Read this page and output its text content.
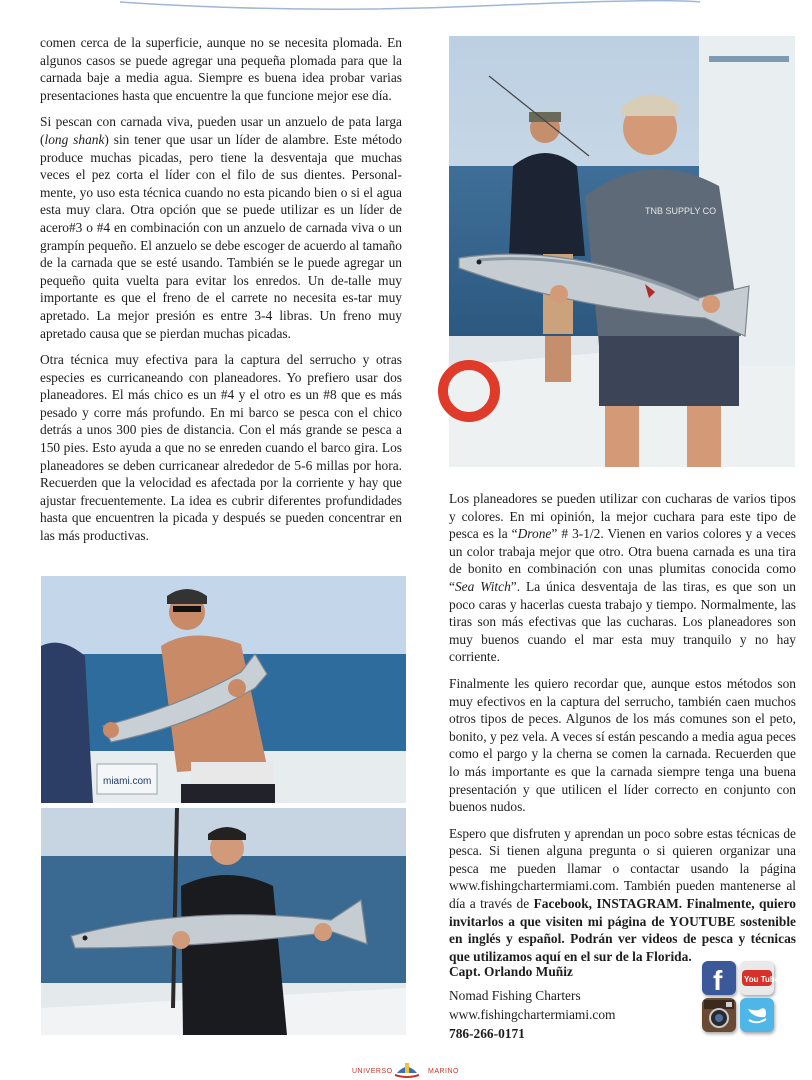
comen cerca de la superficie, aunque no se necesita plomada. En algunos casos se puede agregar una pequeña plomada para que la carnada baje a media agua. Siempre es buena idea probar varias presentaciones hasta que encuentre la que funcione mejor ese día.

Si pescan con carnada viva, pueden usar un anzuelo de pata larga (long shank) sin tener que usar un líder de alambre. Este método produce muchas picadas, pero tiene la desventaja que muchas veces el pez corta el líder con el filo de sus dientes. Personal-mente, yo uso esta técnica cuando no esta picando bien o si el agua esta muy clara. Otra opción que se puede utilizar es un líder de acero#3 o #4 en combinación con un anzuelo de carnada viva o un grampín pequeño. El anzuelo se debe escoger de acuerdo al tamaño de la carnada que se esté usando. También se le puede agregar un pequeño quita vuelta para evitar los enredos. Un de-talle muy importante es que el freno de el carrete no necesita es-tar muy apretado. La mejor presión es entre 3-4 libras. Un freno muy apretado causa que se pierdan muchas picadas.

Otra técnica muy efectiva para la captura del serrucho y otras especies es curricaneando con planeadores. Yo prefiero usar dos planeadores. El más chico es un #4 y el otro es un #8 que es más pesado y corre más profundo. En mi barco se pesca con el chico detrás a unos 300 pies de distancia. Con el más grande se pesca a 150 pies. Esto ayuda a que no se enreden cuando el barco gira. Los planeadores se deben curricanear alrededor de 5-6 millas por hora. Recuerden que la velocidad es afectada por la corriente y hay que ajustar frecuentemente. La idea es cubrir diferentes profundidades hasta que encuentren la picada y después se pueden concentrar en las más productivas.

TNB SUPPLY CO

Los planeadores se pueden utilizar con cucharas de varios tipos y colores. En mi opinión, la mejor cuchara para este tipo de pesca es la “Drone” # 3-1/2. Vienen en varios colores y a veces un color trabaja mejor que otro. Otra buena carnada es una tira de bonito en combinación con unas plumitas conocida como “Sea Witch”. La única desventaja de las tiras, es que son un poco caras y hacerlas cuesta trabajo y tiempo. Normalmente, las tiras son más efectivas que las cucharas. Los planeadores son muy buenos cuando el mar esta muy tranquilo y no hay corriente.

Finalmente les quiero recordar que, aunque estos métodos son muy efectivos en la captura del serrucho, también caen muchos otros tipos de peces. Algunos de los más comunes son el peto, bonito, y pez vela. A veces sí están pescando a media agua peces como el pargo y la cherna se comen la carnada. Recuerden que lo más importante es que la carnada siempre tenga una buena presentación y que utilicen el líder correcto en conjunto con buenos nudos.

Espero que disfruten y aprendan un poco sobre estas técnicas de pesca. Si tienen alguna pregunta o si quieren organizar una pesca me pueden llamar o contactar usando la página www.fishingchartermiami.com. También pueden mantenerse al día a través de Facebook, INSTAGRAM. Finalmente, quiero invitarlos a que visiten mi página de YOUTUBE sostenible en inglés y español. Podrán ver videos de pesca y técnicas que utilizamos aquí en el sur de la Florida.

miami.com
Capt. Orlando Muñiz
Nomad Fishing Charters
www.fishingchartermiami.com
786-266-0171
f	You Tube
UNIVERSO	MARINO
